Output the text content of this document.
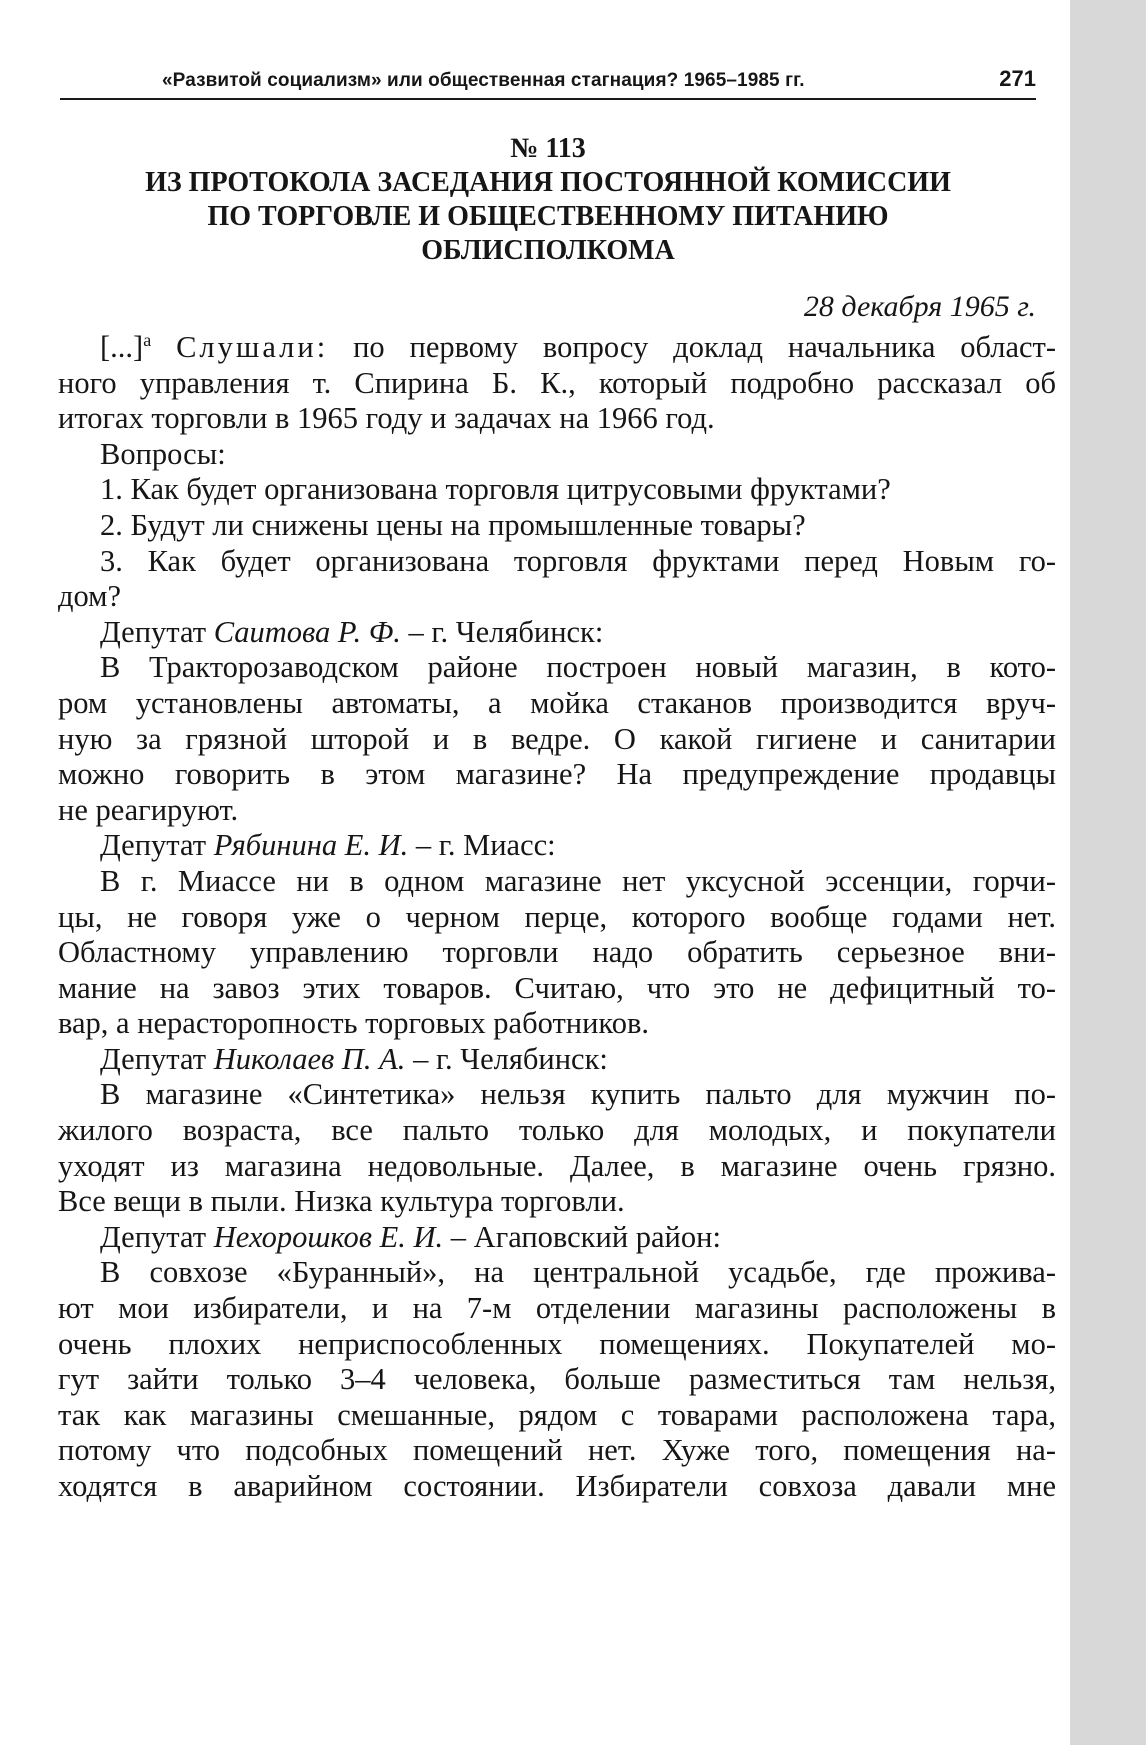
«Развитой социализм» или общественная стагнация? 1965–1985 гг.	271
№ 113
ИЗ ПРОТОКОЛА ЗАСЕДАНИЯ ПОСТОЯННОЙ КОМИССИИ
ПО ТОРГОВЛЕ И ОБЩЕСТВЕННОМУ ПИТАНИЮ
ОБЛИСПОЛКОМА
28 декабря 1965 г.
[...]$^а$ Слушали: по первому вопросу доклад начальника област-
ного управления т. Спирина Б. К., который подробно рассказал об
итогах торговли в 1965 году и задачах на 1966 год.
Вопросы:
1. Как будет организована торговля цитрусовыми фруктами?
2. Будут ли снижены цены на промышленные товары?
3. Как будет организована торговля фруктами перед Новым го-
дом?
Депутат Саитова Р. Ф. – г. Челябинск:
В Тракторозаводском районе построен новый магазин, в кото-
ром установлены автоматы, а мойка стаканов производится вруч-
ную за грязной шторой и в ведре. О какой гигиене и санитарии
можно говорить в этом магазине? На предупреждение продавцы
не реагируют.
Депутат Рябинина Е. И. – г. Миасс:
В г. Миассе ни в одном магазине нет уксусной эссенции, горчи-
цы, не говоря уже о черном перце, которого вообще годами нет.
Областному управлению торговли надо обратить серьезное вни-
мание на завоз этих товаров. Считаю, что это не дефицитный то-
вар, а нерасторопность торговых работников.
Депутат Николаев П. А. – г. Челябинск:
В магазине «Синтетика» нельзя купить пальто для мужчин по-
жилого возраста, все пальто только для молодых, и покупатели
уходят из магазина недовольные. Далее, в магазине очень грязно.
Все вещи в пыли. Низка культура торговли.
Депутат Нехорошков Е. И. – Агаповский район:
В совхозе «Буранный», на центральной усадьбе, где прожива-
ют мои избиратели, и на 7-м отделении магазины расположены в
очень плохих неприспособленных помещениях. Покупателей мо-
гут зайти только 3–4 человека, больше разместиться там нельзя,
так как магазины смешанные, рядом с товарами расположена тара,
потому что подсобных помещений нет. Хуже того, помещения на-
ходятся в аварийном состоянии. Избиратели совхоза давали мне
